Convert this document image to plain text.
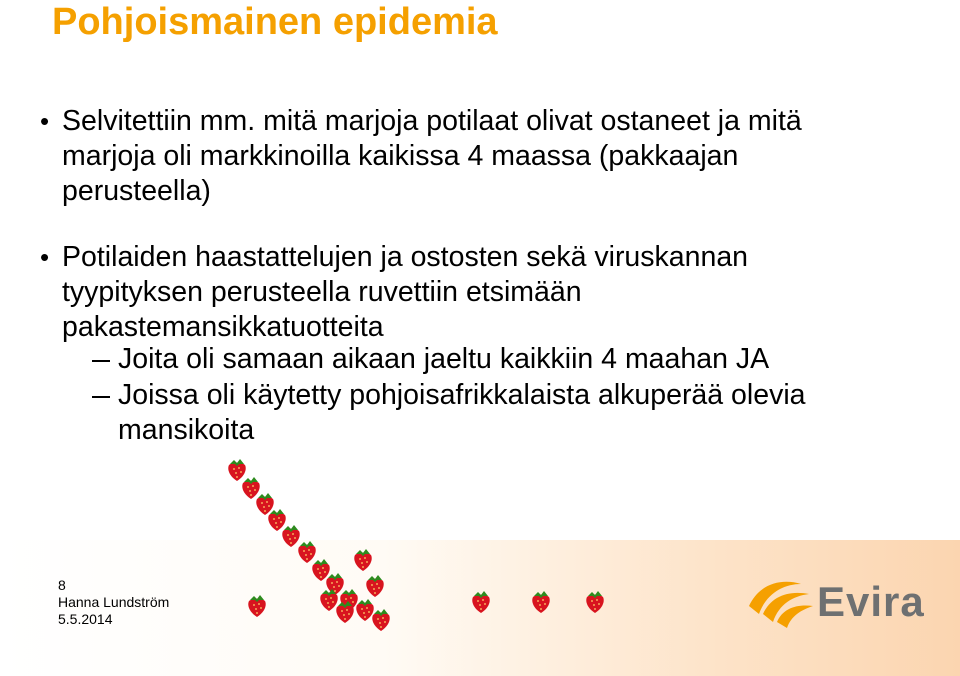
Pohjoismainen epidemia
• Selvitettiin mm. mitä marjoja potilaat olivat ostaneet ja mitä
marjoja oli markkinoilla kaikissa 4 maassa (pakkaajan
perusteella)
• Potilaiden haastattelujen ja ostosten sekä viruskannan
tyypityksen perusteella ruvettiin etsimään
pakastemansikkatuotteita
Joita oli samaan aikaan jaeltu kaikkiin 4 maahan JA
Joissa oli käytetty pohjoisafrikkalaista alkuperää olevia
mansikoita
8
Hanna Lundström
5.5.2014	Evira
